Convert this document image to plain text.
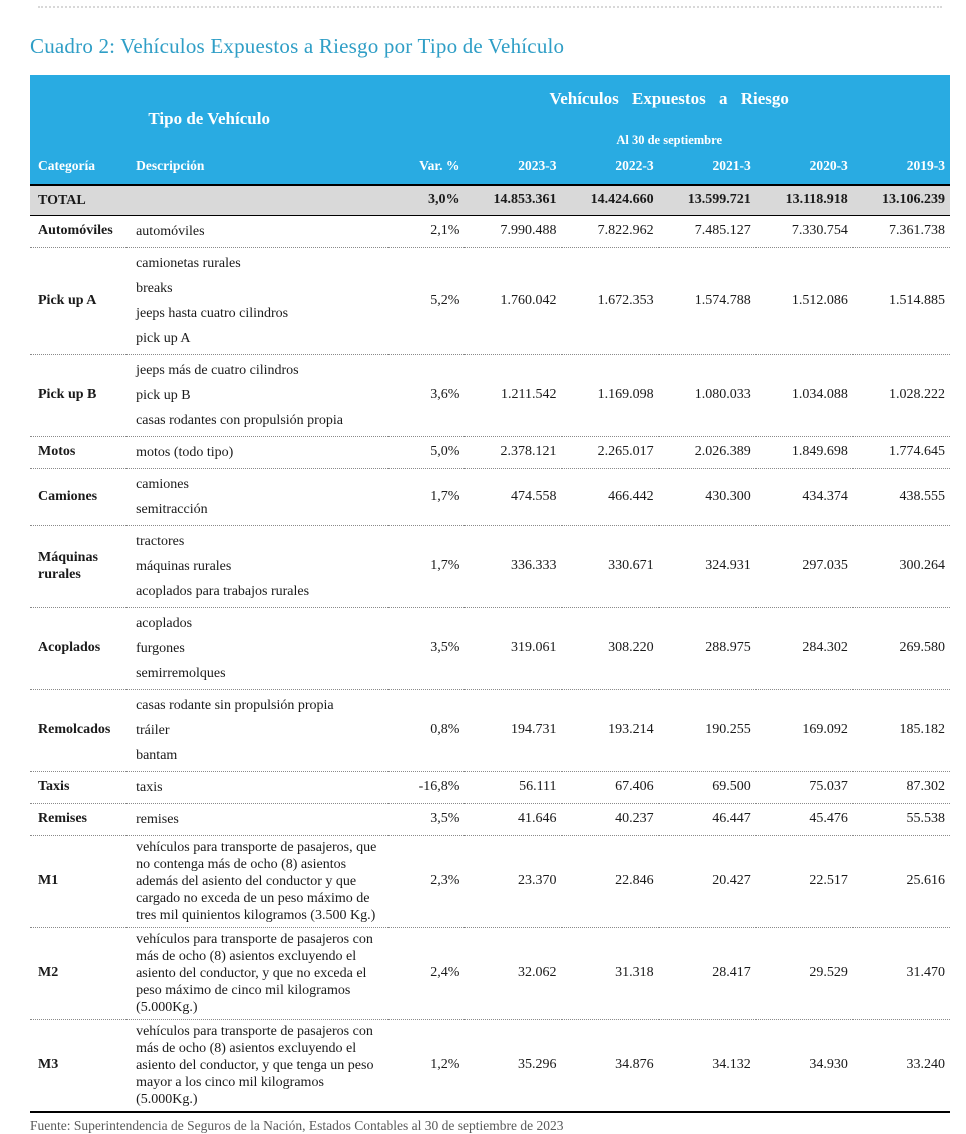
Cuadro 2: Vehículos Expuestos a Riesgo por Tipo de Vehículo
Tipo de Vehículo		Vehículos Expuestos a Riesgo					
		Al 30 de septiembre					
Categoría	Descripción	Var. %	2023-3	2022-3	2021-3	2020-3	2019-3
TOTAL		3,0%	14.853.361	14.424.660	13.599.721	13.118.918	13.106.239
Automóviles	automóviles	2,1%	7.990.488	7.822.962	7.485.127	7.330.754	7.361.738
Pick up A	camionetas rurales
breaks
jeeps hasta cuatro cilindros
pick up A	5,2%	1.760.042	1.672.353	1.574.788	1.512.086	1.514.885
Pick up B	jeeps más de cuatro cilindros
pick up B
casas rodantes con propulsión propia	3,6%	1.211.542	1.169.098	1.080.033	1.034.088	1.028.222
Motos	motos (todo tipo)	5,0%	2.378.121	2.265.017	2.026.389	1.849.698	1.774.645
Camiones	camiones
semitracción	1,7%	474.558	466.442	430.300	434.374	438.555
Máquinas rurales	tractores
máquinas rurales
acoplados para trabajos rurales	1,7%	336.333	330.671	324.931	297.035	300.264
Acoplados	acoplados
furgones
semirremolques	3,5%	319.061	308.220	288.975	284.302	269.580
Remolcados	casas rodante sin propulsión propia
tráiler
bantam	0,8%	194.731	193.214	190.255	169.092	185.182
Taxis	taxis	-16,8%	56.111	67.406	69.500	75.037	87.302
Remises	remises	3,5%	41.646	40.237	46.447	45.476	55.538
M1	vehículos para transporte de pasajeros, que no contenga más de ocho (8) asientos además del asiento del conductor y que cargado no exceda de un peso máximo de tres mil quinientos kilogramos (3.500 Kg.)	2,3%	23.370	22.846	20.427	22.517	25.616
M2	vehículos para transporte de pasajeros con más de ocho (8) asientos excluyendo el asiento del conductor, y que no exceda el peso máximo de cinco mil kilogramos (5.000Kg.)	2,4%	32.062	31.318	28.417	29.529	31.470
M3	vehículos para transporte de pasajeros con más de ocho (8) asientos excluyendo el asiento del conductor, y que tenga un peso mayor a los cinco mil kilogramos (5.000Kg.)	1,2%	35.296	34.876	34.132	34.930	33.240
Fuente: Superintendencia de Seguros de la Nación, Estados Contables al 30 de septiembre de 2023
